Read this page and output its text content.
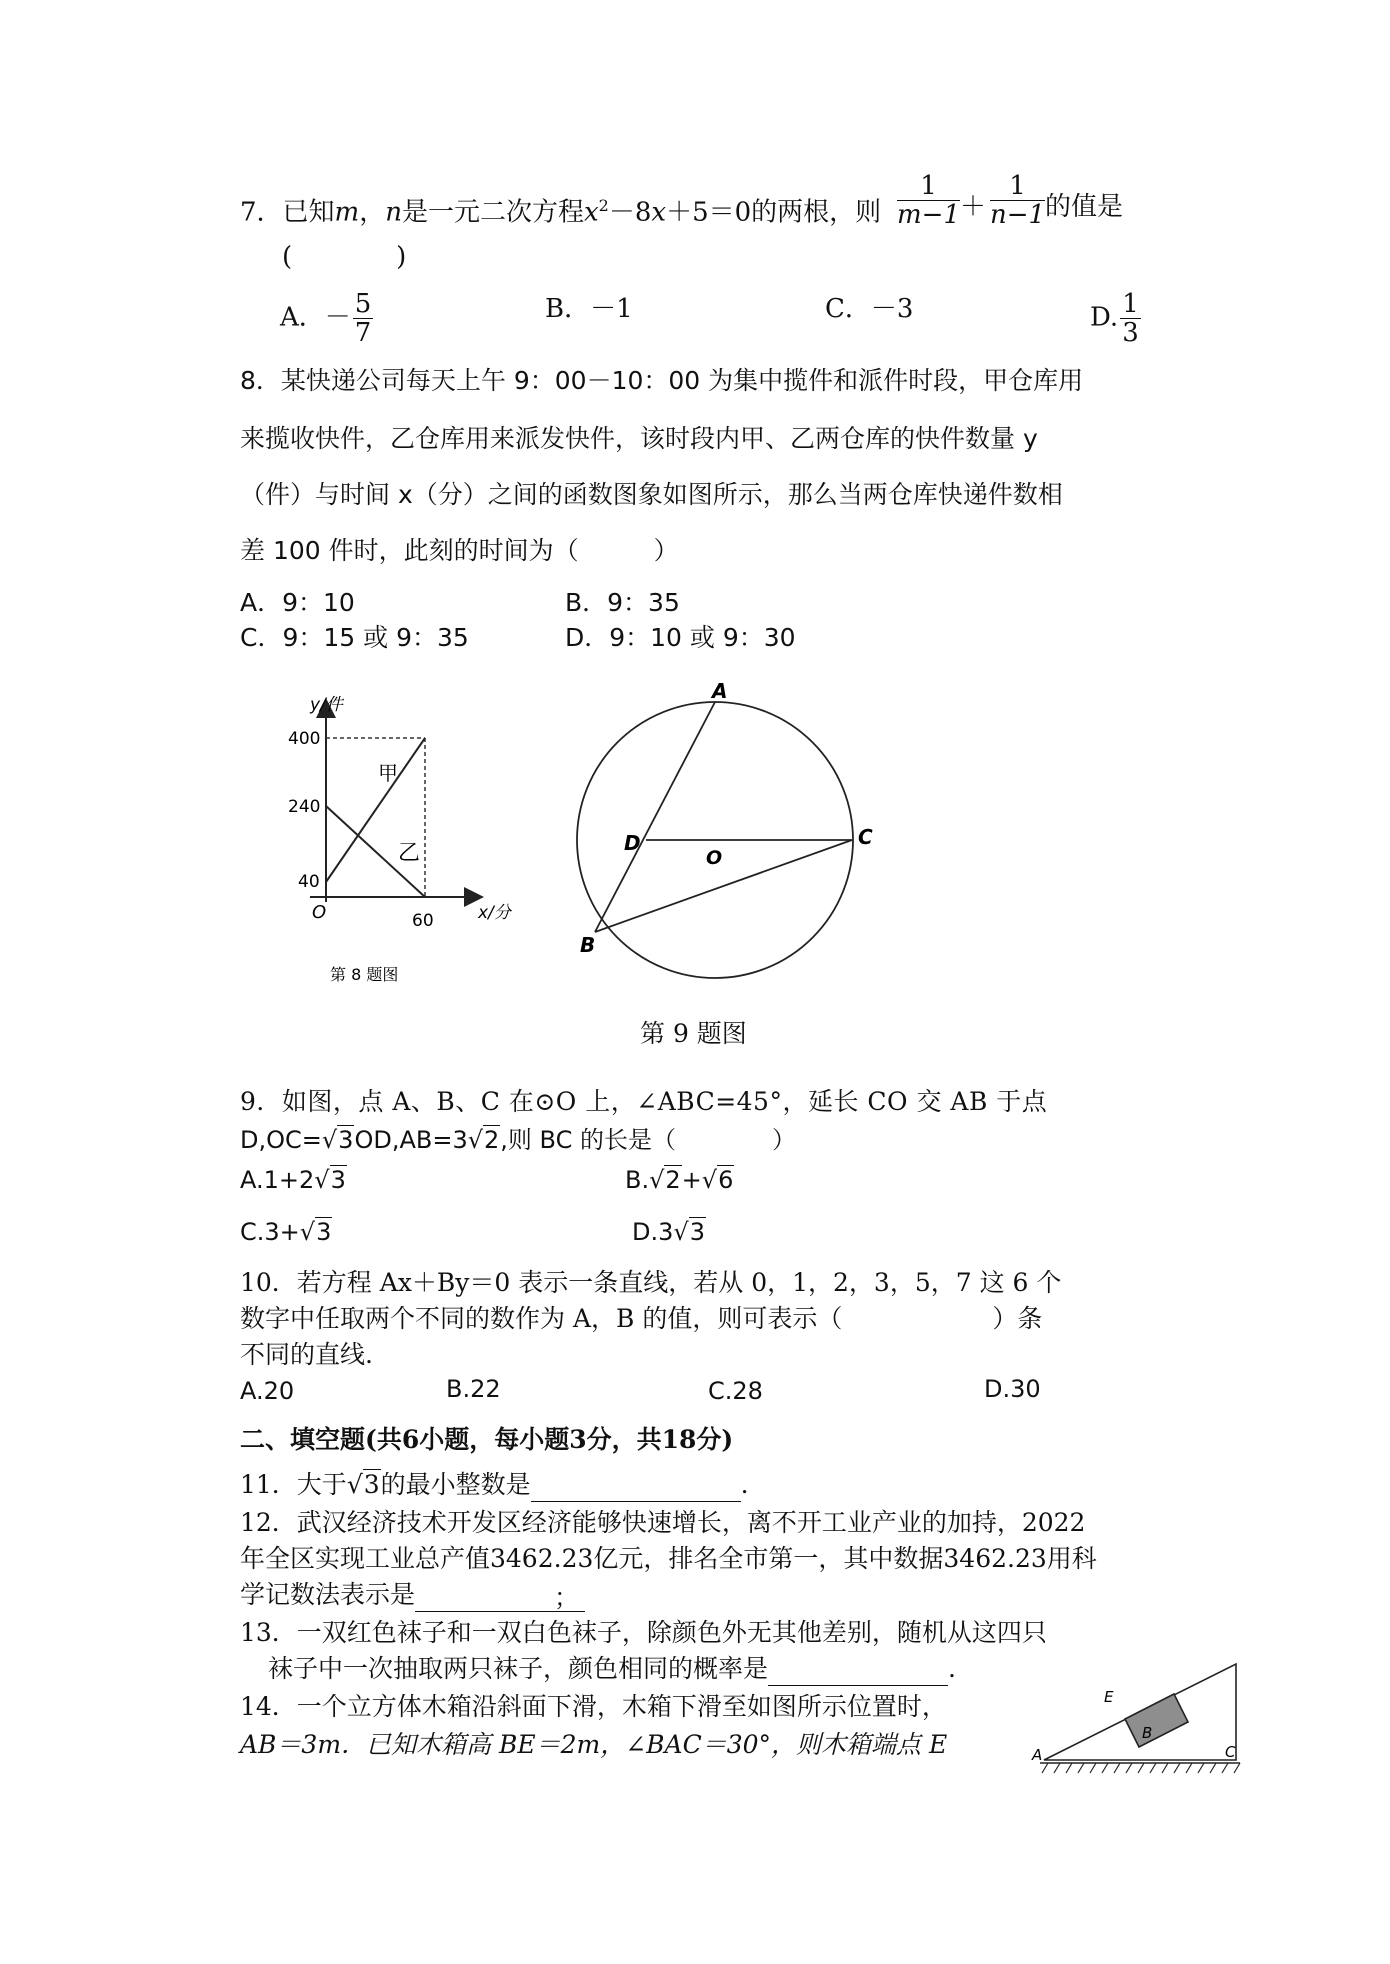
7．已知m，n是一元二次方程$x^2-8x+5=0$的两根，则 $\frac{1}{m-1} + \frac{1}{n-1}$ 的值是
(　　　　)
A．－ $\frac{5}{7}$	B．－1	C．－3	D. $\frac{1}{3}$
8．某快递公司每天上午 9：00－10：00 为集中揽件和派件时段，甲仓库用
来揽收快件，乙仓库用来派发快件，该时段内甲、乙两仓库的快件数量 y
（件）与时间 x（分）之间的函数图象如图所示，那么当两仓库快递件数相
差 100 件时，此刻的时间为（　　　）
A．9：10	B．9：35
C．9：15 或 9：35	D．9：10 或 9：30
y/件
400
240
40
O	60	x/分
甲
乙
第 8 题图
A
D
O
C
B
第 9 题图
9．如图，点 A、B、C 在⊙O 上，∠ABC=45°，延长 CO 交 AB 于点
D,OC=√3OD,AB=3√2,则 BC 的长是（　　　　）
A.1+2√3	B.√2+√6
C.3+√3	D.3√3
10．若方程 Ax＋By＝0 表示一条直线，若从 0，1，2，3，5，7 这 6 个
数字中任取两个不同的数作为 A，B 的值，则可表示（　　　　　　）条
不同的直线.
A.20	B.22	C.28	D.30
二、填空题(共6小题，每小题3分，共18分)
11．大于√3的最小整数是	.
12．武汉经济技术开发区经济能够快速增长，离不开工业产业的加持，2022
年全区实现工业总产值3462.23亿元，排名全市第一，其中数据3462.23用科
学记数法表示是	；
13．一双红色袜子和一双白色袜子，除颜色外无其他差别，随机从这四只
袜子中一次抽取两只袜子，颜色相同的概率是	.
14．一个立方体木箱沿斜面下滑，木箱下滑至如图所示位置时，
AB＝3m．已知木箱高 BE＝2m，∠BAC＝30°，则木箱端点 E	A
B
C
E
